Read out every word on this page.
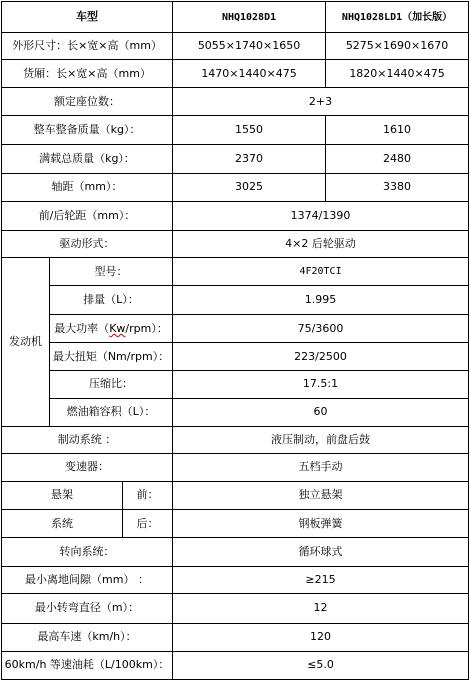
车型			NHQ1028D1	NHQ1028LD1（加长版）
外形尺寸：长×宽×高（mm）			5055×1740×1650	5275×1690×1670
货厢：长×宽×高（mm）			1470×1440×475	1820×1440×475
额定座位数：			2+3	
整车整备质量（kg）：			1550	1610
满载总质量（kg）：			2370	2480
轴距（mm）：			3025	3380
前/后轮距（mm）：			1374/1390	
驱动形式：			4×2 后轮驱动	
发动机	型号：		4F20TCI	
	排量（L）：		1.995	
	最大功率（Kw/rpm）：		75/3600	
	最大扭矩（Nm/rpm）：		223/2500	
	压缩比：		17.5:1	
	燃油箱容积（L）：		60	
制动系统 ：			液压制动，前盘后鼓	
变速器：			五档手动	
悬架		前：	独立悬架	
系统		后：	钢板弹簧	
转向系统：			循环球式	
最小离地间隙（mm） ：			≥215	
最小转弯直径（m）：			12	
最高车速（km/h）：			120	
60km/h 等速油耗（L/100km）：			≤5.0	
